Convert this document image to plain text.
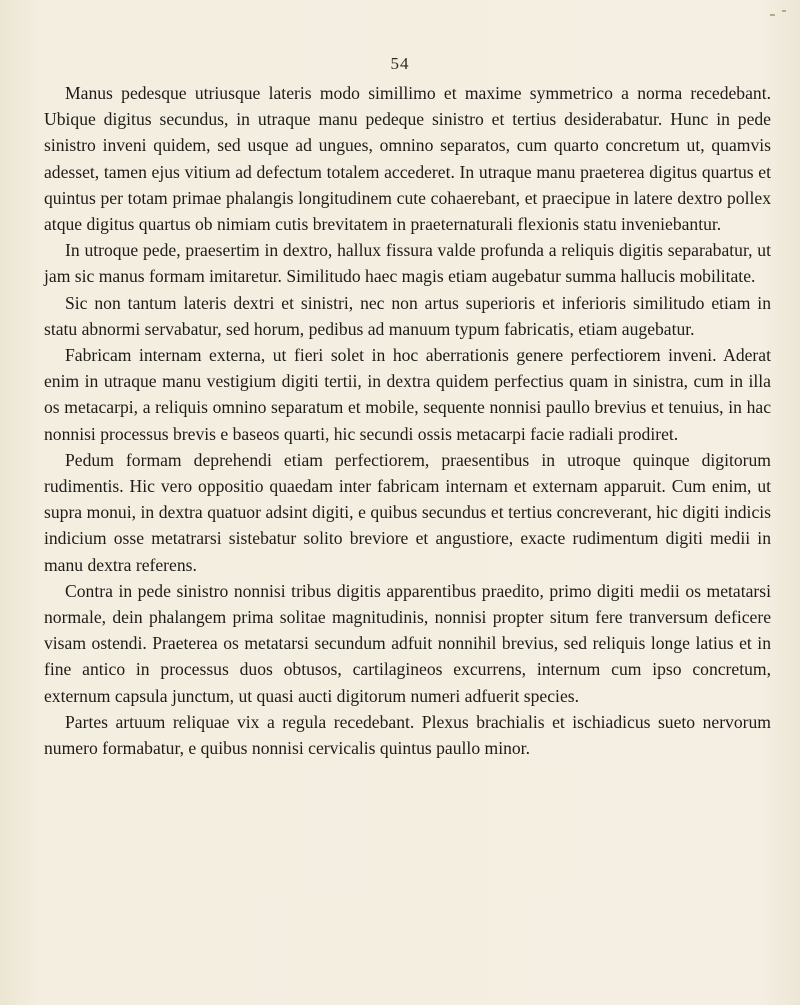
54

Manus pedesque utriusque lateris modo simillimo et maxime symmetrico a norma recedebant. Ubique digitus secundus, in utraque manu pedeque sinistro et tertius desiderabatur. Hunc in pede sinistro inveni quidem, sed usque ad ungues, omnino separatos, cum quarto concretum ut, quamvis adesset, tamen ejus vitium ad defectum totalem accederet. In utraque manu praeterea digitus quartus et quintus per totam primae phalangis longitudinem cute cohaerebant, et praecipue in latere dextro pollex atque digitus quartus ob nimiam cutis brevitatem in praeternaturali flexionis statu inveniebantur.

In utroque pede, praesertim in dextro, hallux fissura valde profunda a reliquis digitis separabatur, ut jam sic manus formam imitaretur. Similitudo haec magis etiam augebatur summa hallucis mobilitate.

Sic non tantum lateris dextri et sinistri, nec non artus superioris et inferioris similitudo etiam in statu abnormi servabatur, sed horum, pedibus ad manuum typum fabricatis, etiam augebatur.

Fabricam internam externa, ut fieri solet in hoc aberrationis genere perfectiorem inveni. Aderat enim in utraque manu vestigium digiti tertii, in dextra quidem perfectius quam in sinistra, cum in illa os metacarpi, a reliquis omnino separatum et mobile, sequente nonnisi paullo brevius et tenuius, in hac nonnisi processus brevis e baseos quarti, hic secundi ossis metacarpi facie radiali prodiret.

Pedum formam deprehendi etiam perfectiorem, praesentibus in utroque quinque digitorum rudimentis. Hic vero oppositio quaedam inter fabricam internam et externam apparuit. Cum enim, ut supra monui, in dextra quatuor adsint digiti, e quibus secundus et tertius concreverant, hic digiti indicis indicium osse metatrarsi sistebatur solito breviore et angustiore, exacte rudimentum digiti medii in manu dextra referens.

Contra in pede sinistro nonnisi tribus digitis apparentibus praedito, primo digiti medii os metatarsi normale, dein phalangem prima solitae magnitudinis, nonnisi propter situm fere tranversum deficere visam ostendi. Praeterea os metatarsi secundum adfuit nonnihil brevius, sed reliquis longe latius et in fine antico in processus duos obtusos, cartilagineos excurrens, internum cum ipso concretum, externum capsula junctum, ut quasi aucti digitorum numeri adfuerit species.

Partes artuum reliquae vix a regula recedebant. Plexus brachialis et ischiadicus sueto nervorum numero formabatur, e quibus nonnisi cervicalis quintus paullo minor.
